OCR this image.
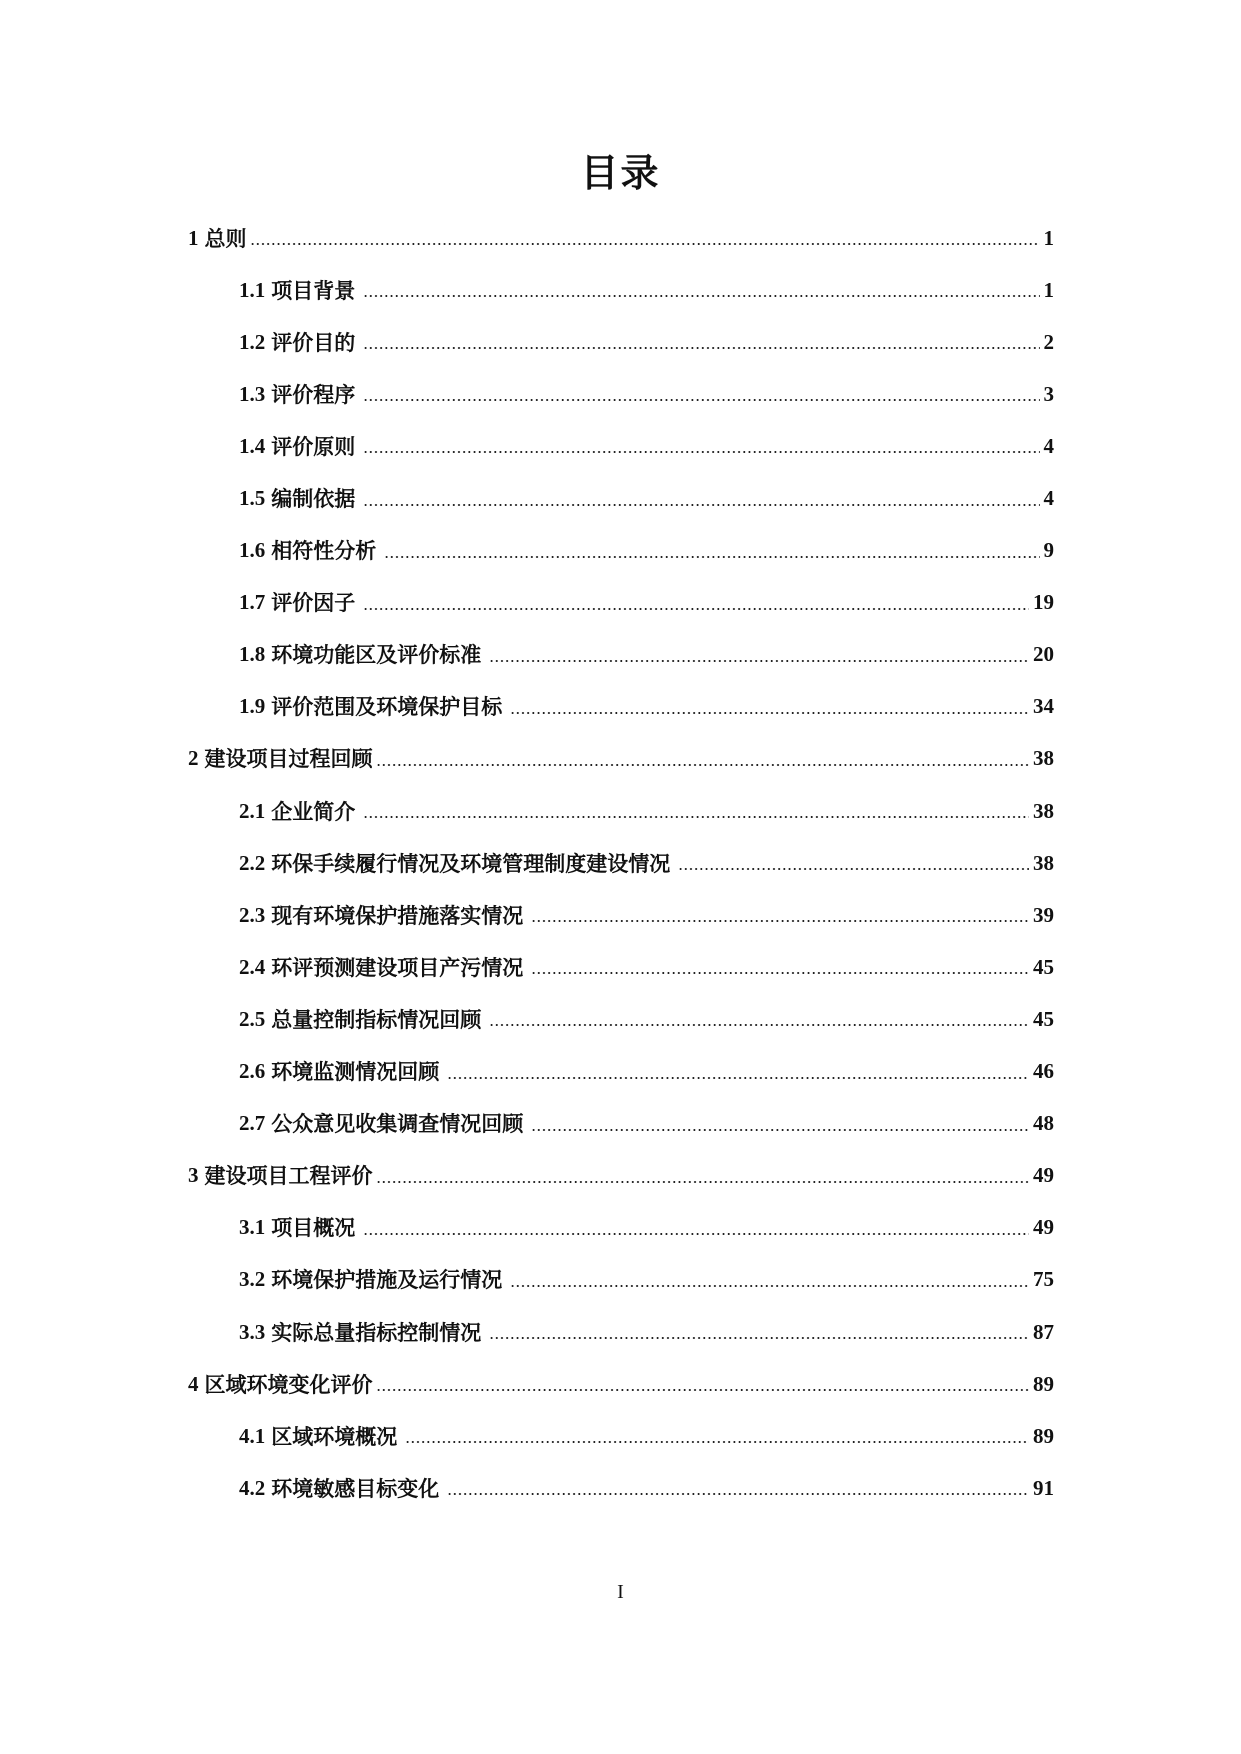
目录
1 总则	1
1.1 项目背景	1
1.2 评价目的	2
1.3 评价程序	3
1.4 评价原则	4
1.5 编制依据	4
1.6 相符性分析	9
1.7 评价因子	19
1.8 环境功能区及评价标准	20
1.9 评价范围及环境保护目标	34
2 建设项目过程回顾	38
2.1 企业简介	38
2.2 环保手续履行情况及环境管理制度建设情况	38
2.3 现有环境保护措施落实情况	39
2.4 环评预测建设项目产污情况	45
2.5 总量控制指标情况回顾	45
2.6 环境监测情况回顾	46
2.7 公众意见收集调查情况回顾	48
3 建设项目工程评价	49
3.1 项目概况	49
3.2 环境保护措施及运行情况	75
3.3 实际总量指标控制情况	87
4 区域环境变化评价	89
4.1 区域环境概况	89
4.2 环境敏感目标变化	91
I
